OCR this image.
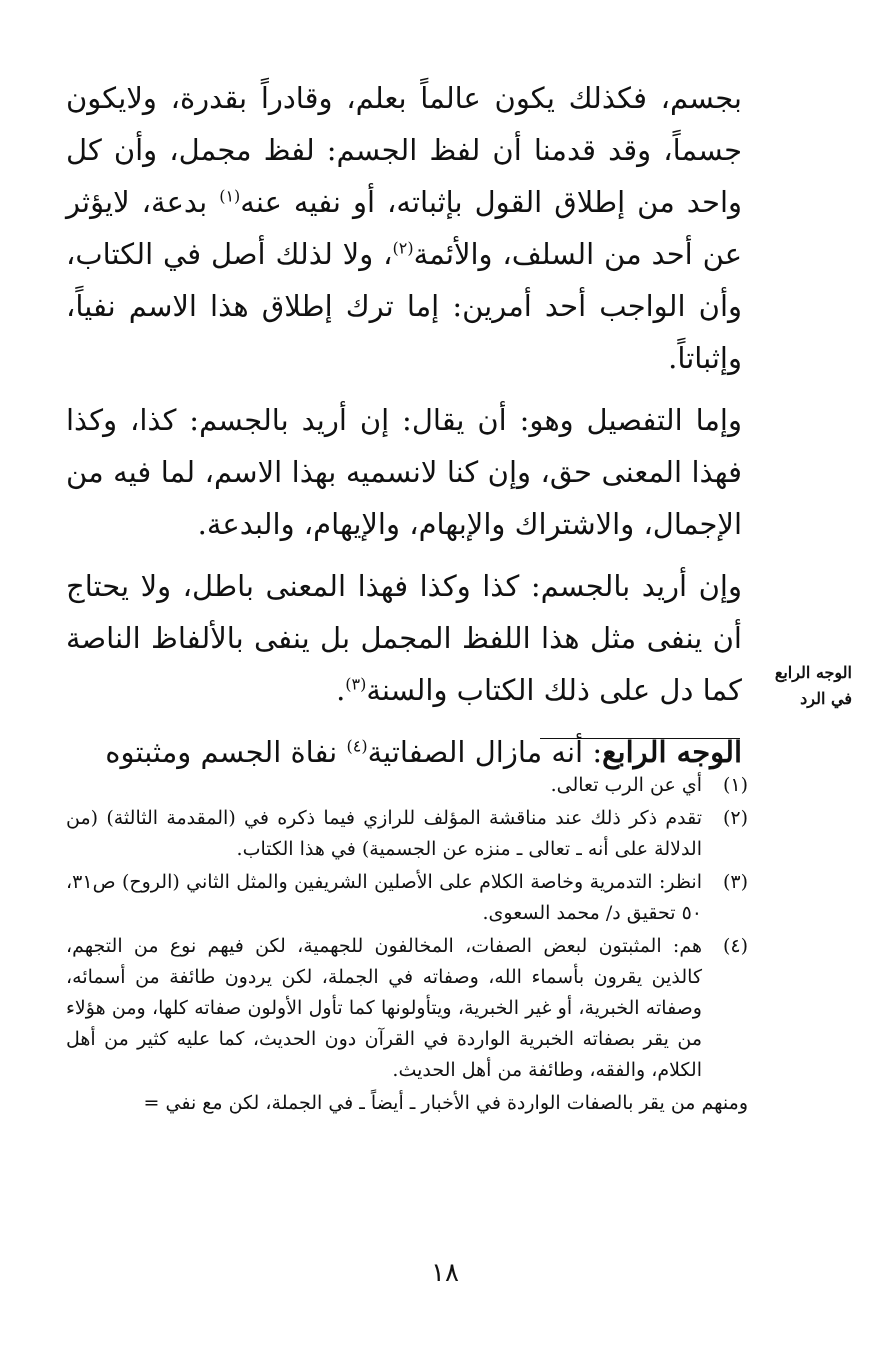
بجسم، فكذلك يكون عالماً بعلم، وقادراً بقدرة، ولايكون جسماً، وقد قدمنا أن لفظ الجسم: لفظ مجمل، وأن كل واحد من إطلاق القول بإثباته، أو نفيه عنه$^{(١)}$ بدعة، لايؤثر عن أحد من السلف، والأئمة$^{(٢)}$، ولا لذلك أصل في الكتاب، وأن الواجب أحد أمرين: إما ترك إطلاق هذا الاسم نفياً، وإثباتاً.

وإما التفصيل وهو: أن يقال: إن أريد بالجسم: كذا، وكذا فهذا المعنى حق، وإن كنا لانسميه بهذا الاسم، لما فيه من الإجمال، والاشتراك والإبهام، والإيهام، والبدعة.

وإن أريد بالجسم: كذا وكذا فهذا المعنى باطل، ولا يحتاج أن ينفى مثل هذا اللفظ المجمل بل ينفى بالألفاظ الناصة كما دل على ذلك الكتاب والسنة$^{(٣)}$.

الوجه الرابع: أنه مازال الصفاتية$^{(٤)}$ نفاة الجسم ومثبتوه

الوجه الرابع
في الرد
(١)
أي عن الرب تعالى.
(٢)
تقدم ذكر ذلك عند مناقشة المؤلف للرازي فيما ذكره في (المقدمة الثالثة) (من الدلالة على أنه ـ تعالى ـ منزه عن الجسمية) في هذا الكتاب.
(٣)
انظر: التدمرية وخاصة الكلام على الأصلين الشريفين والمثل الثاني (الروح) ص٣١، ٥٠ تحقيق د/ محمد السعوى.
(٤)
هم: المثبتون لبعض الصفات، المخالفون للجهمية، لكن فيهم نوع من التجهم، كالذين يقرون بأسماء الله، وصفاته في الجملة، لكن يردون طائفة من أسمائه، وصفاته الخبرية، أو غير الخبرية، ويتأولونها كما تأول الأولون صفاته كلها، ومن هؤلاء من يقر بصفاته الخبرية الواردة في القرآن دون الحديث، كما عليه كثير من أهل الكلام، والفقه، وطائفة من أهل الحديث.
ومنهم من يقر بالصفات الواردة في الأخبار ـ أيضاً ـ في الجملة، لكن مع نفي =
١٨
